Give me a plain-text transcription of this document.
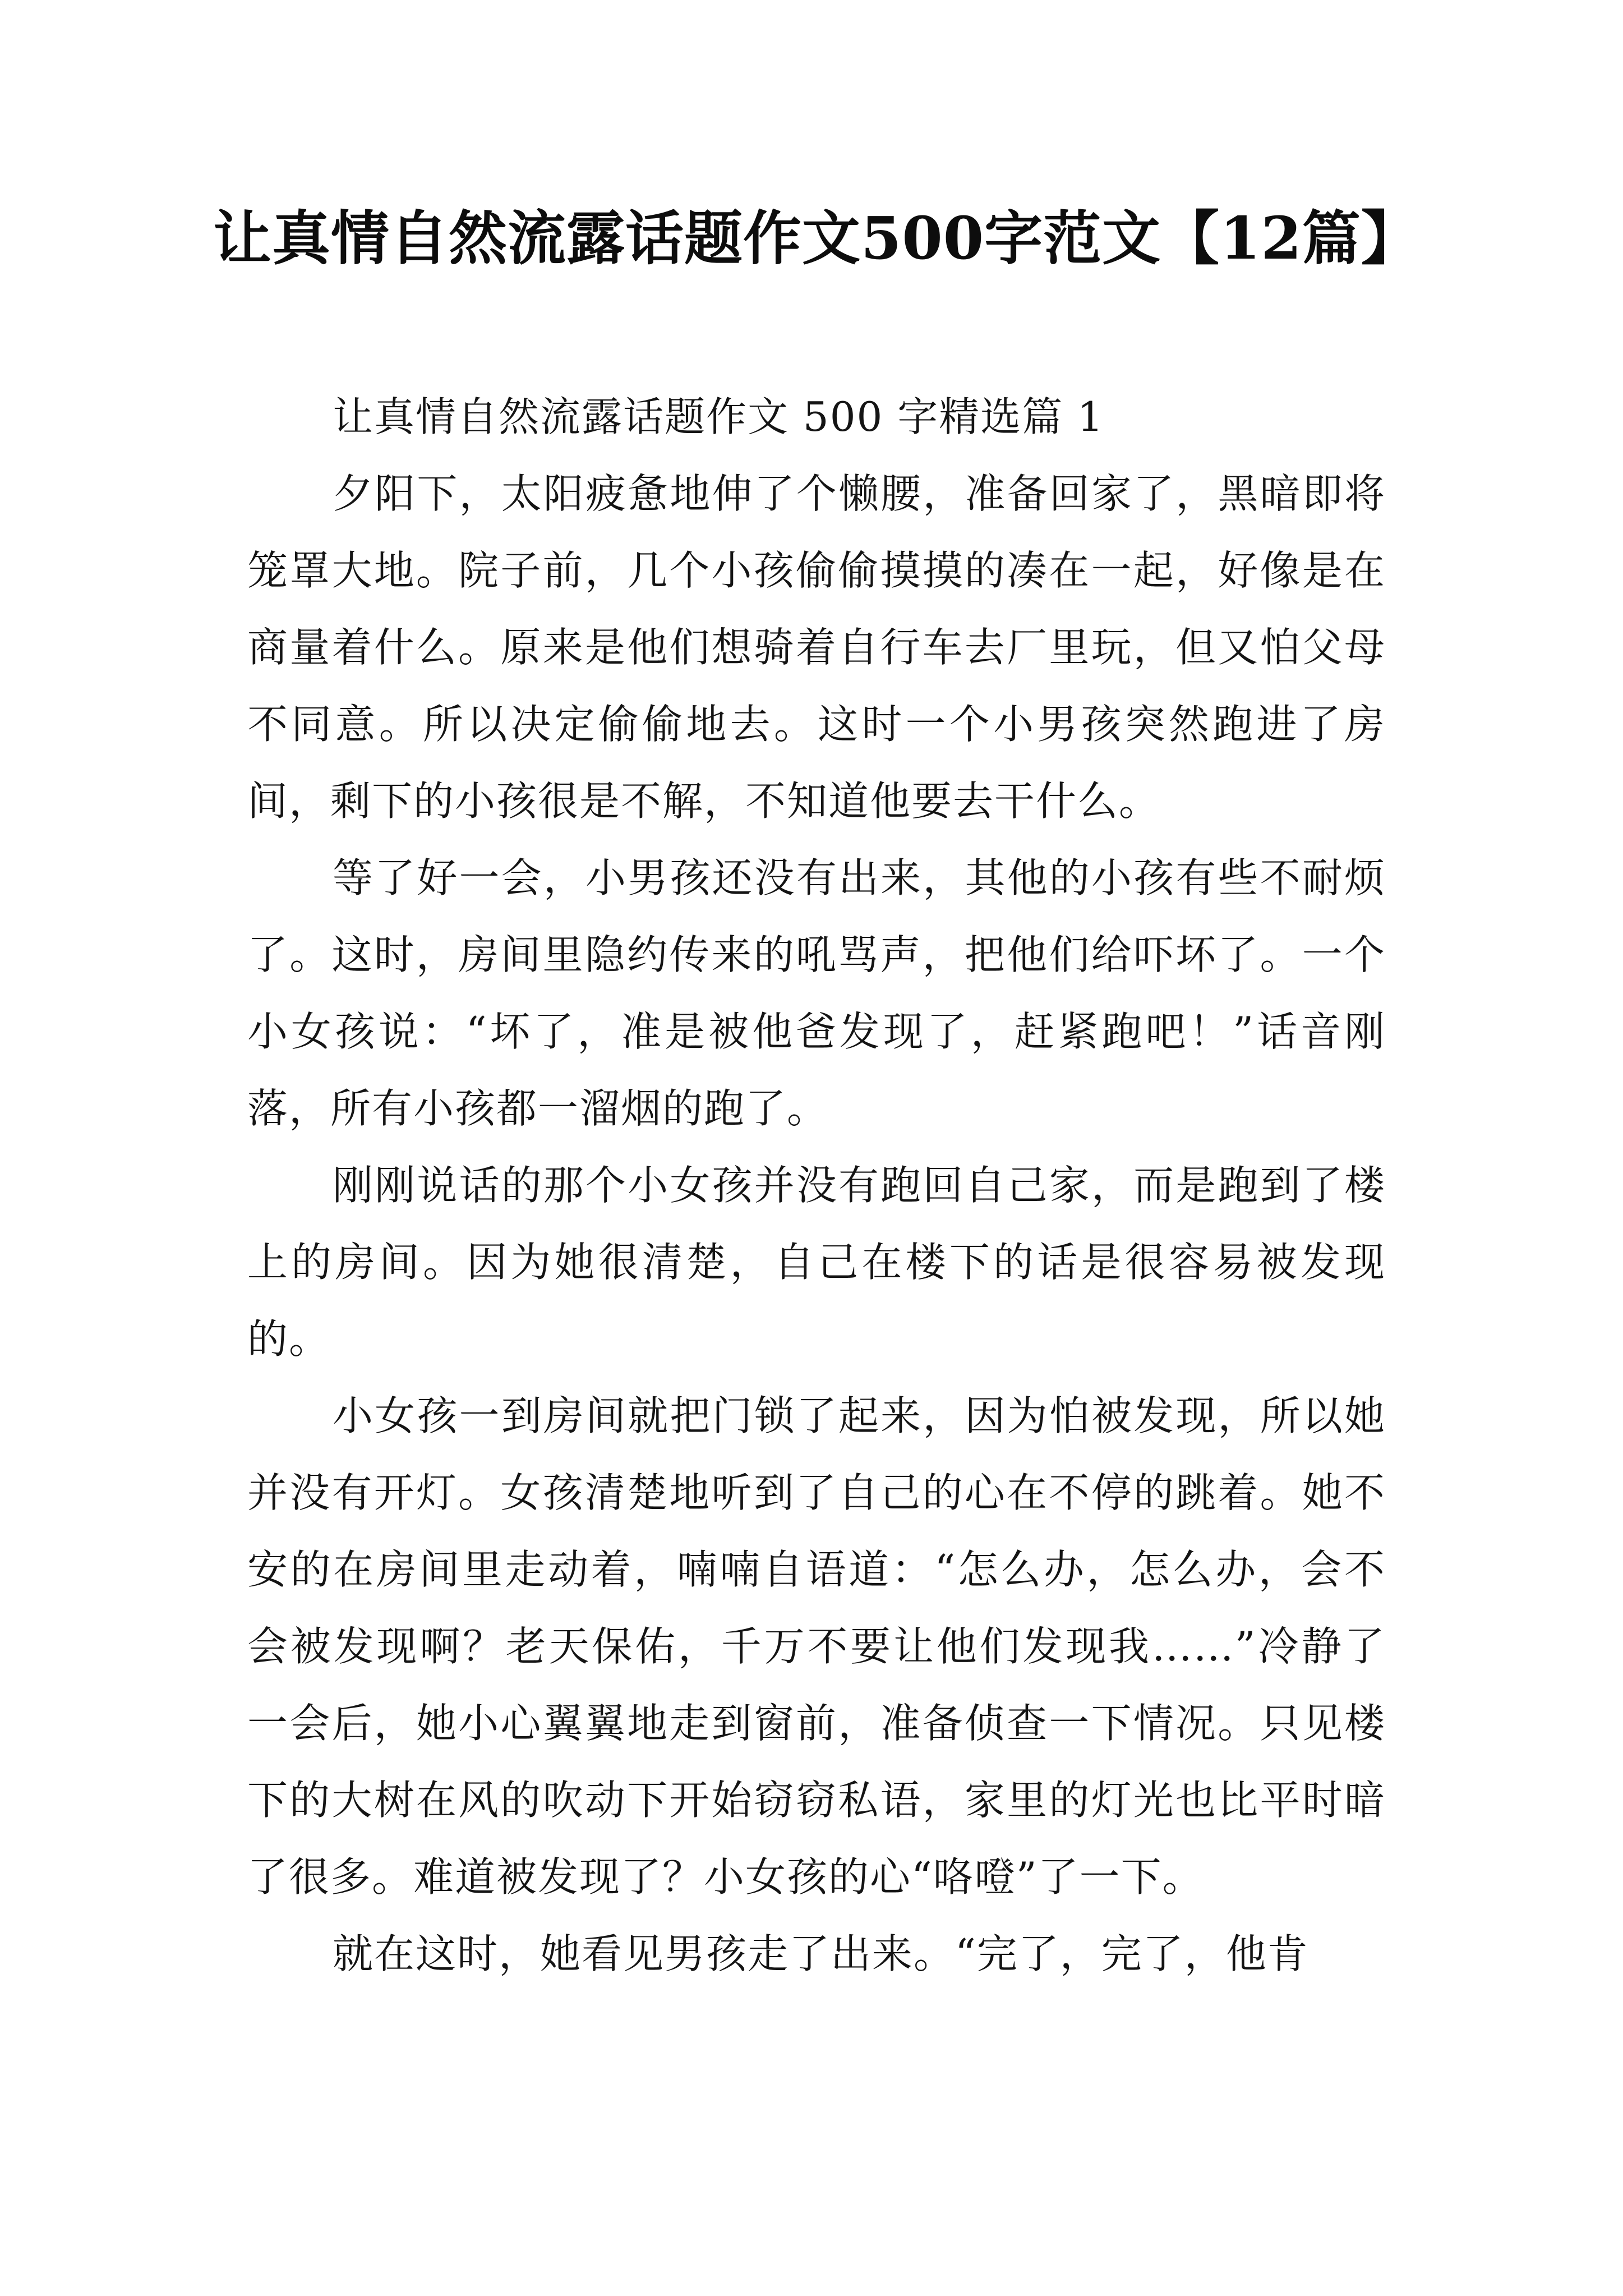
让真情自然流露话题作文500字范文【12篇】

让真情自然流露话题作文 500 字精选篇 1

夕阳下，太阳疲惫地伸了个懒腰，准备回家了，黑暗即将笼罩大地。院子前，几个小孩偷偷摸摸的凑在一起，好像是在商量着什么。原来是他们想骑着自行车去厂里玩，但又怕父母不同意。所以决定偷偷地去。这时一个小男孩突然跑进了房间，剩下的小孩很是不解，不知道他要去干什么。

等了好一会，小男孩还没有出来，其他的小孩有些不耐烦了。这时，房间里隐约传来的吼骂声，把他们给吓坏了。一个小女孩说：“坏了，准是被他爸发现了，赶紧跑吧！”话音刚落，所有小孩都一溜烟的跑了。

刚刚说话的那个小女孩并没有跑回自己家，而是跑到了楼上的房间。因为她很清楚，自己在楼下的话是很容易被发现的。

小女孩一到房间就把门锁了起来，因为怕被发现，所以她并没有开灯。女孩清楚地听到了自己的心在不停的跳着。她不安的在房间里走动着，喃喃自语道：“怎么办，怎么办，会不会被发现啊？老天保佑，千万不要让他们发现我……”冷静了一会后，她小心翼翼地走到窗前，准备侦查一下情况。只见楼下的大树在风的吹动下开始窃窃私语，家里的灯光也比平时暗了很多。难道被发现了？小女孩的心“咯噔”了一下。

就在这时，她看见男孩走了出来。“完了，完了，他肯
